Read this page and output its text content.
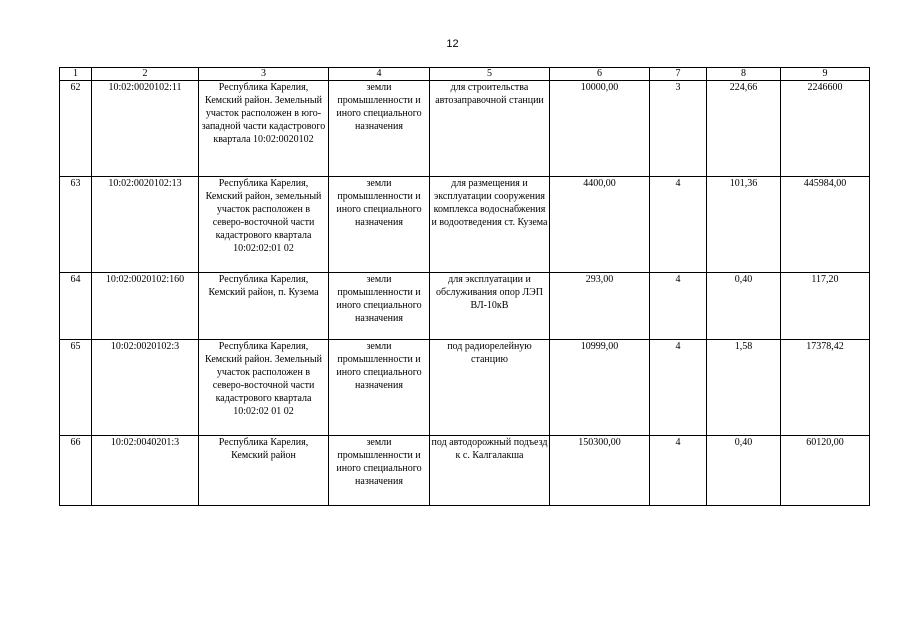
12
1	2	3	4	5	6	7	8	9
62	10:02:0020102:11	Республика Карелия, Кемский район. Земельный участок расположен в юго-западной части кадастрового квартала 10:02:0020102	земли промышленности и иного специального назначения	для строительства автозаправочной станции	10000,00	3	224,66	2246600
63	10:02:0020102:13	Республика Карелия, Кемский район, земельный участок расположен в северо-восточной части кадастрового квартала 10:02:02:01 02	земли промышленности и иного специального назначения	для размещения и эксплуатации сооружения комплекса водоснабжения и водоотведения ст. Кузема	4400,00	4	101,36	445984,00
64	10:02:0020102:160	Республика Карелия, Кемский район, п. Кузема	земли промышленности и иного специального назначения	для эксплуатации и обслуживания опор ЛЭП ВЛ-10кВ	293,00	4	0,40	117,20
65	10:02:0020102:3	Республика Карелия, Кемский район. Земельный участок расположен в северо-восточной части кадастрового квартала 10:02:02 01 02	земли промышленности и иного специального назначения	под радиорелейную станцию	10999,00	4	1,58	17378,42
66	10:02:0040201:3	Республика Карелия, Кемский район	земли промышленности и иного специального назначения	под автодорожный подъезд к с. Калгалакша	150300,00	4	0,40	60120,00
